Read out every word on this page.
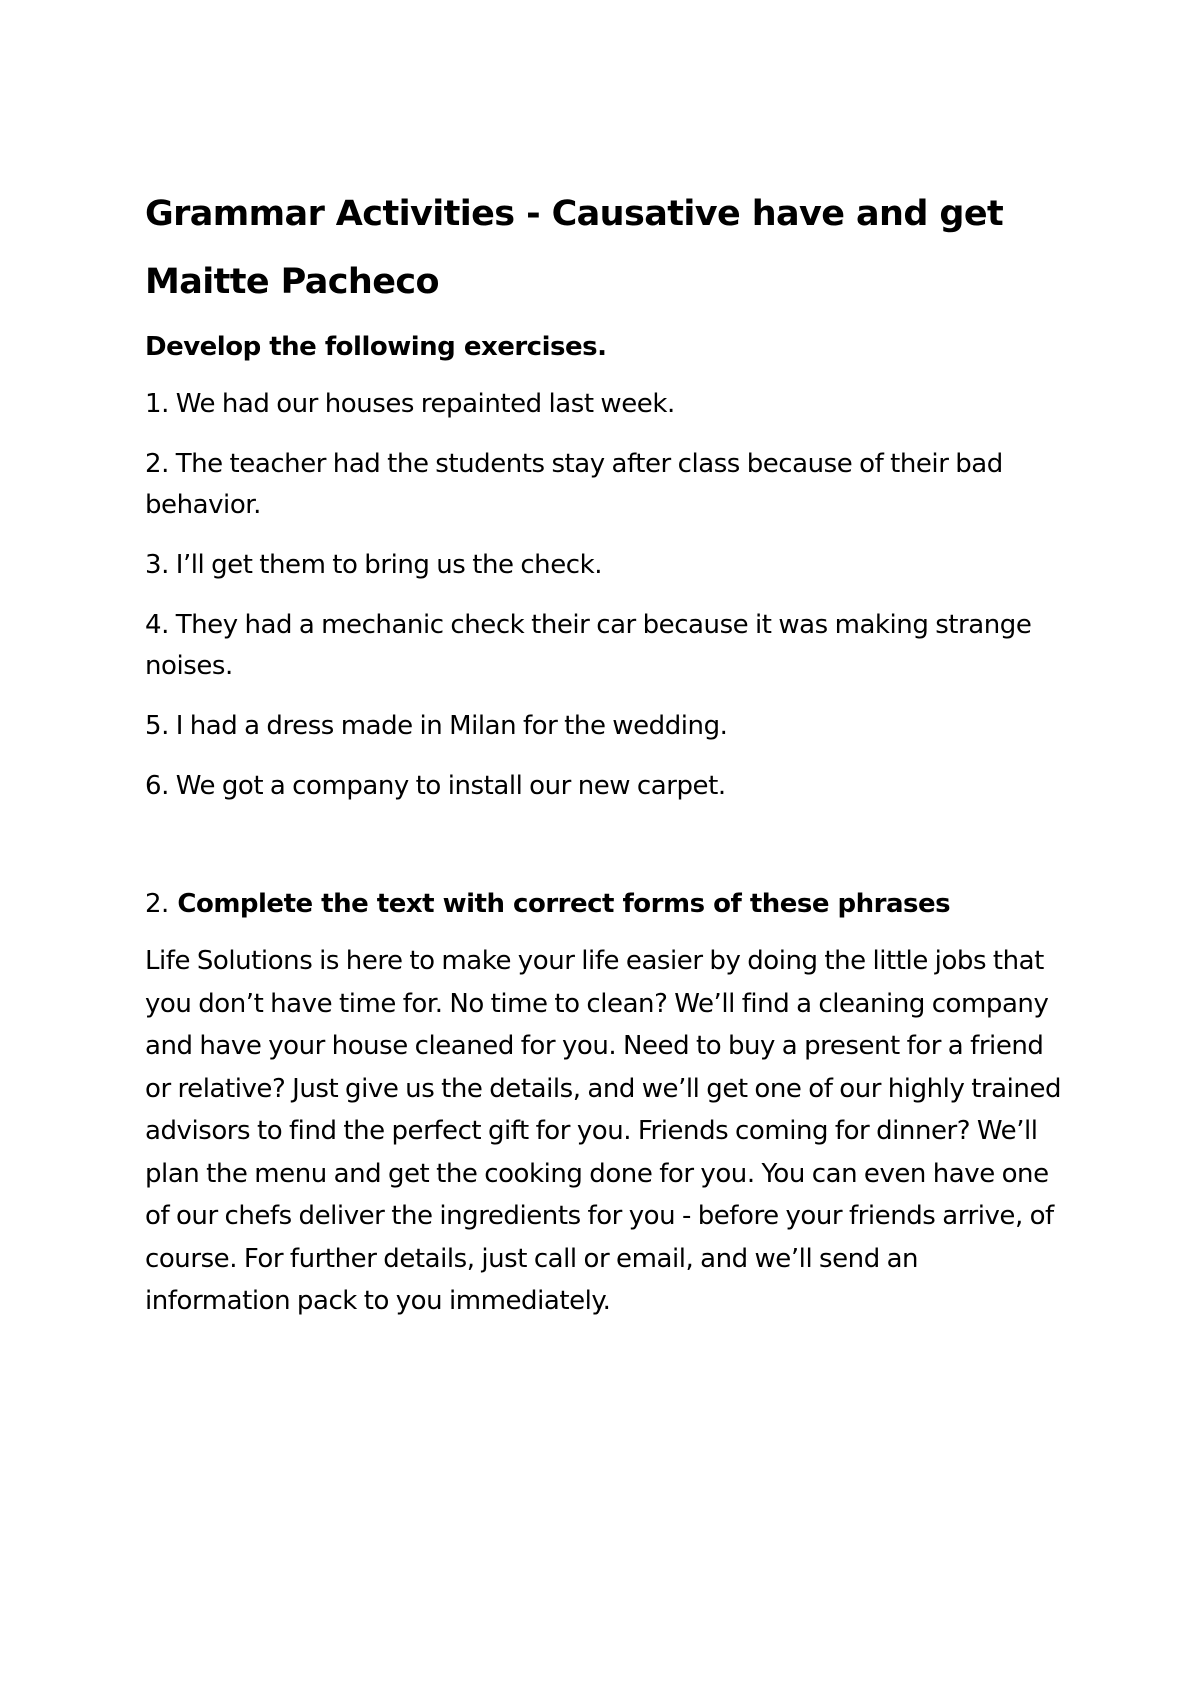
Grammar Activities - Causative have and get
Maitte Pacheco

Develop the following exercises.

1. We had our houses repainted last week.
2. The teacher had the students stay after class because of their bad behavior.
3. I’ll get them to bring us the check.
4. They had a mechanic check their car because it was making strange noises.
5. I had a dress made in Milan for the wedding.
6. We got a company to install our new carpet.

2. Complete the text with correct forms of these phrases

Life Solutions is here to make your life easier by doing the little jobs that you don’t have time for. No time to clean? We’ll find a cleaning company and have your house cleaned for you. Need to buy a present for a friend or relative? Just give us the details, and we’ll get one of our highly trained advisors to find the perfect gift for you. Friends coming for dinner? We’ll plan the menu and get the cooking done for you. You can even have one of our chefs deliver the ingredients for you - before your friends arrive, of course. For further details, just call or email, and we’ll send an information pack to you immediately.
